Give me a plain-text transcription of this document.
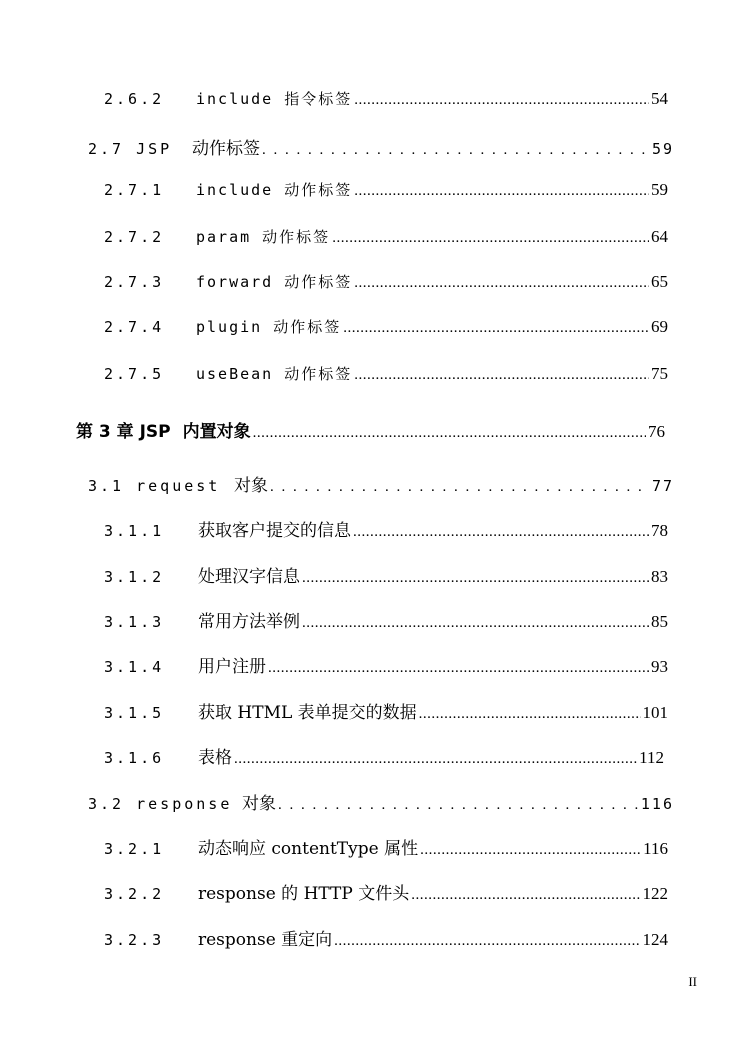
2.6.2	include 指令标签 .....	54
2.7 JSP	动作标签 . . .	59
2.7.1	include 动作标签 .....	59
2.7.2	param 动作标签 .....	64
2.7.3	forward 动作标签 .....	65
2.7.4	plugin 动作标签 .....	69
2.7.5	useBean 动作标签 .....	75
第 3 章 JSP 内置对象 .....	76
3.1 request 对象 . . .	77
3.1.1	获取客户提交的信息 .....	78
3.1.2	处理汉字信息 .....	83
3.1.3	常用方法举例 .....	85
3.1.4	用户注册 .....	93
3.1.5	获取 HTML 表单提交的数据 .....	101
3.1.6	表格 .....	112
3.2 response 对象 . . .	116
3.2.1	动态响应 contentType 属性 .....	116
3.2.2	response 的 HTTP 文件头 .....	122
3.2.3	response 重定向 .....	124
II
